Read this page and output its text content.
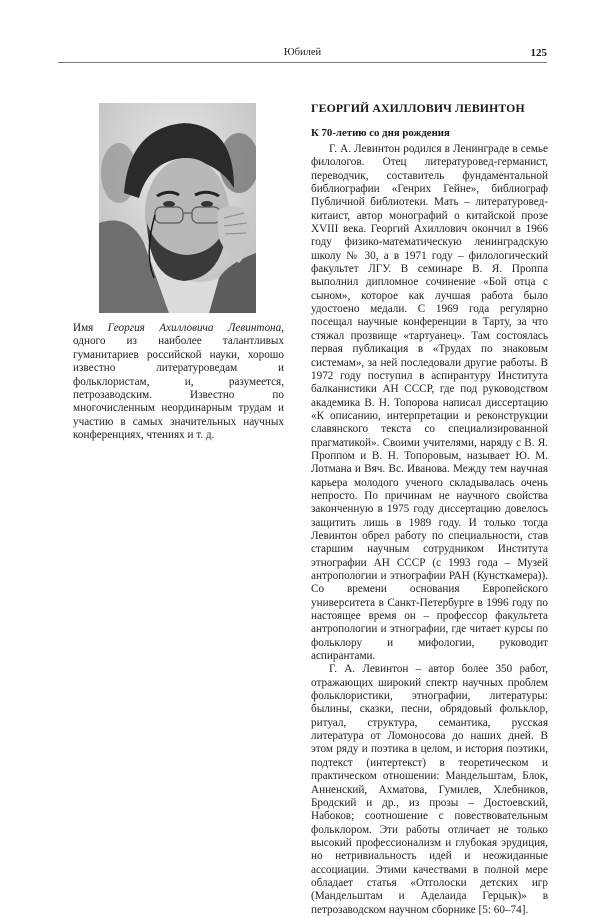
Юбилей	125
Имя Георгия Ахилловича Левинтона, одного из наиболее талантливых гуманитариев российской науки, хорошо известно литературоведам и фольклористам, и, разумеется, петрозаводским. Известно по многочисленным неординарным трудам и участию в самых значительных научных конференциях, чтениях и т. д.
ГЕОРГИЙ АХИЛЛОВИЧ ЛЕВИНТОН
К 70-летию со дня рождения

Г. А. Левинтон родился в Ленинграде в семье филологов. Отец литературовед-германист, переводчик, составитель фундаментальной библиографии «Генрих Гейне», библиограф Публичной библиотеки. Мать – литературовед-китаист, автор монографий о китайской прозе XVIII века. Георгий Ахиллович окончил в 1966 году физико-математическую ленинградскую школу № 30, а в 1971 году – филологический факультет ЛГУ. В семинаре В. Я. Проппа выполнил дипломное сочинение «Бой отца с сыном», которое как лучшая работа было удостоено медали. С 1969 года регулярно посещал научные конференции в Тарту, за что стяжал прозвище «тартуанец». Там состоялась первая публикация в «Трудах по знаковым системам», за ней последовали другие работы. В 1972 году поступил в аспирантуру Института балканистики АН СССР, где под руководством академика В. Н. Топорова написал диссертацию «К описанию, интерпретации и реконструкции славянского текста со специализированной прагматикой». Своими учителями, наряду с В. Я. Проппом и В. Н. Топоровым, называет Ю. М. Лотмана и Вяч. Вс. Иванова. Между тем научная карьера молодого ученого складывалась очень непросто. По причинам не научного свойства законченную в 1975 году диссертацию довелось защитить лишь в 1989 году. И только тогда Левинтон обрел работу по специальности, став старшим научным сотрудником Института этнографии АН СССР (с 1993 года – Музей антропологии и этнографии РАН (Кунсткамера)). Со времени основания Европейского университета в Санкт-Петербурге в 1996 году по настоящее время он – профессор факультета антропологии и этнографии, где читает курсы по фольклору и мифологии, руководит аспирантами.

Г. А. Левинтон – автор более 350 работ, отражающих широкий спектр научных проблем фольклористики, этнографии, литературы: былины, сказки, песни, обрядовый фольклор, ритуал, структура, семантика, русская литература от Ломоносова до наших дней. В этом ряду и поэтика в целом, и история поэтики, подтекст (интертекст) в теоретическом и практическом отношении: Мандельштам, Блок, Анненский, Ахматова, Гумилев, Хлебников, Бродский и др., из прозы – Достоевский, Набоков; соотношение с повествовательным фольклором. Эти работы отличает не только высокий профессионализм и глубокая эрудиция, но нетривиальность идей и неожиданные ассоциации. Этими качествами в полной мере обладает статья «Отголоски детских игр (Мандельштам и Аделаида Герцык)» в петрозаводском научном сборнике [5: 60–74].
